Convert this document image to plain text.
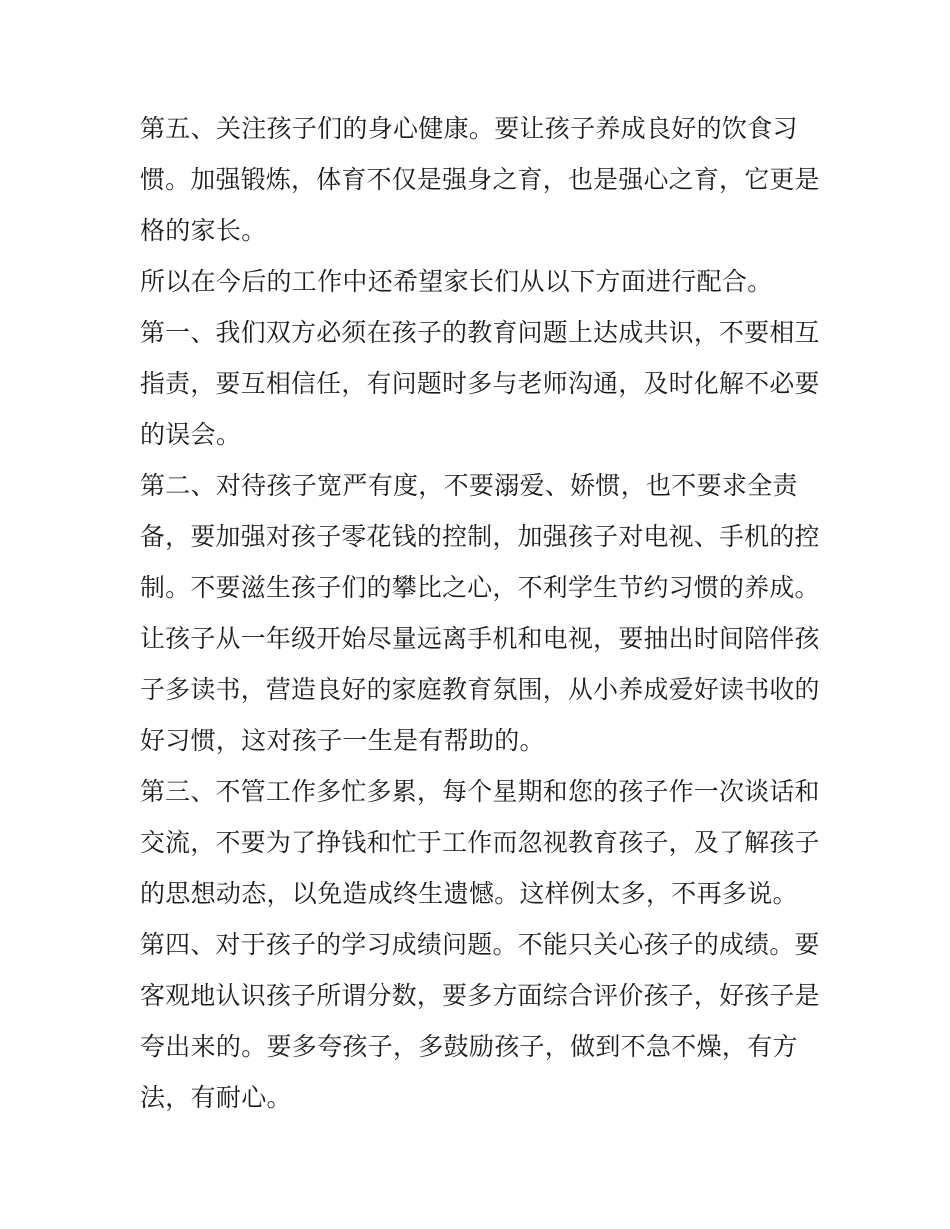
第五、关注孩子们的身心健康。要让孩子养成良好的饮食习
惯。加强锻炼，体育不仅是强身之育，也是强心之育，它更是
格的家长。
所以在今后的工作中还希望家长们从以下方面进行配合。
第一、我们双方必须在孩子的教育问题上达成共识，不要相互
指责，要互相信任，有问题时多与老师沟通，及时化解不必要
的误会。
第二、对待孩子宽严有度，不要溺爱、娇惯，也不要求全责
备，要加强对孩子零花钱的控制，加强孩子对电视、手机的控
制。不要滋生孩子们的攀比之心，不利学生节约习惯的养成。
让孩子从一年级开始尽量远离手机和电视，要抽出时间陪伴孩
子多读书，营造良好的家庭教育氛围，从小养成爱好读书收的
好习惯，这对孩子一生是有帮助的。
第三、不管工作多忙多累，每个星期和您的孩子作一次谈话和
交流，不要为了挣钱和忙于工作而忽视教育孩子，及了解孩子
的思想动态，以免造成终生遗憾。这样例太多，不再多说。
第四、对于孩子的学习成绩问题。不能只关心孩子的成绩。要
客观地认识孩子所谓分数，要多方面综合评价孩子，好孩子是
夸出来的。要多夸孩子，多鼓励孩子，做到不急不燥，有方
法，有耐心。
